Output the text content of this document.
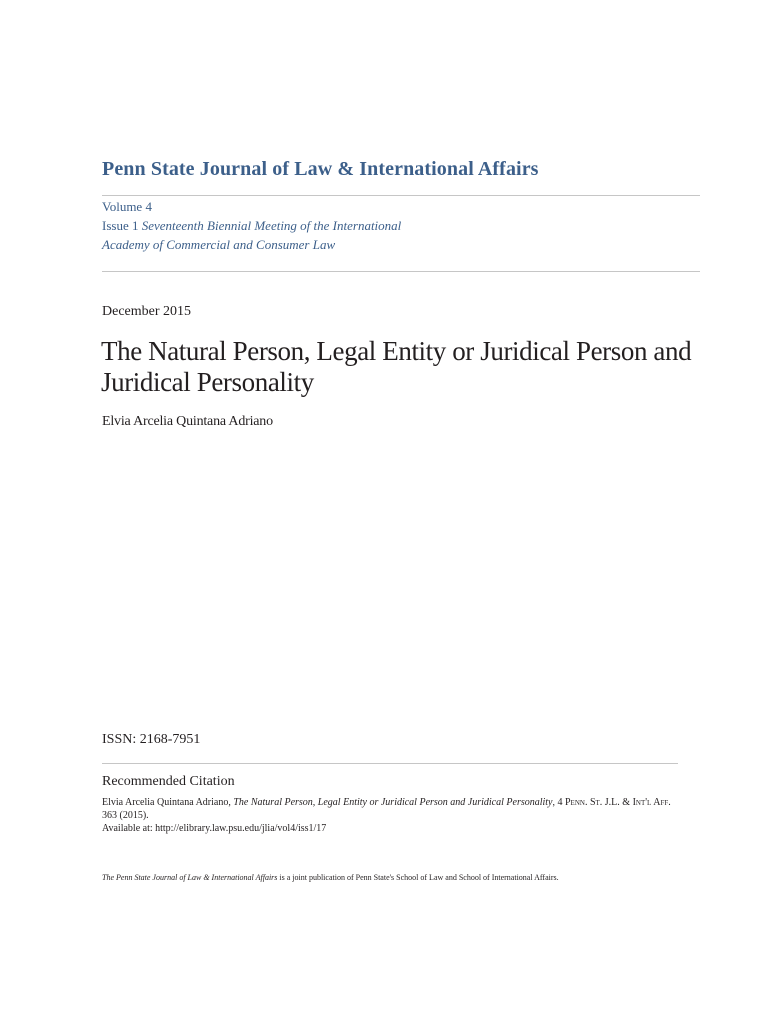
Penn State Journal of Law & International Affairs
Volume 4
Issue 1 Seventeenth Biennial Meeting of the International Academy of Commercial and Consumer Law
December 2015
The Natural Person, Legal Entity or Juridical Person and Juridical Personality
Elvia Arcelia Quintana Adriano
ISSN: 2168-7951
Recommended Citation
Elvia Arcelia Quintana Adriano, The Natural Person, Legal Entity or Juridical Person and Juridical Personality, 4 Penn. St. J.L. & Int'l Aff. 363 (2015).
Available at: http://elibrary.law.psu.edu/jlia/vol4/iss1/17
The Penn State Journal of Law & International Affairs is a joint publication of Penn State's School of Law and School of International Affairs.
